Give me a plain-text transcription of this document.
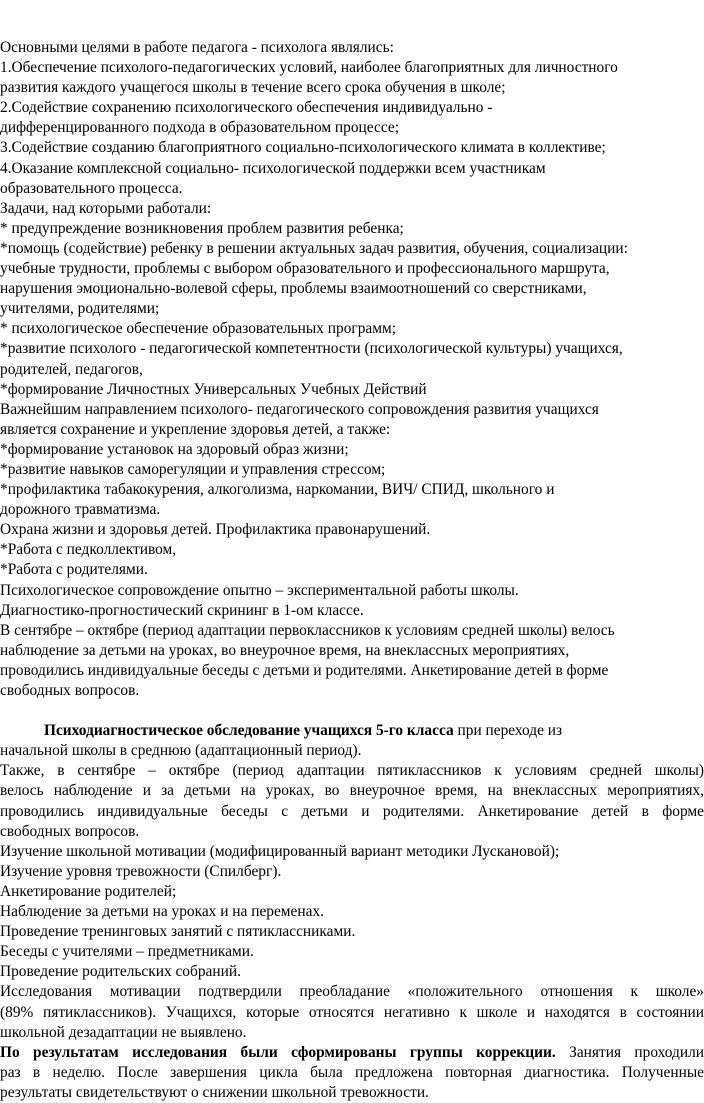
Основными целями в работе педагога - психолога являлись:
1.Обеспечение психолого-педагогических условий, наиболее благоприятных для личностного
развития каждого учащегося школы в течение всего срока обучения в школе;
2.Содействие сохранению психологического обеспечения индивидуально -
дифференцированного подхода в образовательном процессе;
3.Содействие созданию благоприятного социально-психологического климата в коллективе;
4.Оказание комплексной социально- психологической поддержки всем участникам
образовательного процесса.
Задачи, над которыми работали:
* предупреждение возникновения проблем развития ребенка;
*помощь (содействие) ребенку в решении актуальных задач развития, обучения, социализации:
учебные трудности, проблемы с выбором образовательного и профессионального маршрута,
нарушения эмоционально-волевой сферы, проблемы взаимоотношений со сверстниками,
учителями, родителями;
* психологическое обеспечение образовательных программ;
*развитие психолого - педагогической компетентности (психологической культуры) учащихся,
родителей, педагогов,
*формирование Личностных Универсальных Учебных Действий
Важнейшим направлением психолого- педагогического сопровождения развития учащихся
является сохранение и укрепление здоровья детей, а также:
*формирование установок на здоровый образ жизни;
*развитие навыков саморегуляции и управления стрессом;
*профилактика табакокурения, алкоголизма, наркомании, ВИЧ/ СПИД, школьного и
дорожного травматизма.
Охрана жизни и здоровья детей. Профилактика правонарушений.
*Работа с педколлективом,
*Работа с родителями.
Психологическое сопровождение опытно – экспериментальной работы школы.
Диагностико-прогностический скрининг в 1-ом классе.
В сентябре – октябре (период адаптации первоклассников к условиям средней школы) велось
наблюдение за детьми на уроках, во внеурочное время, на внеклассных мероприятиях,
проводились индивидуальные беседы с детьми и родителями. Анкетирование детей в форме
свободных вопросов.
Психодиагностическое обследование учащихся 5-го класса при переходе из
начальной школы в среднюю (адаптационный период).
Также, в сентябре – октябре (период адаптации пятиклассников к условиям средней школы)
велось наблюдение и за детьми на уроках, во внеурочное время, на внеклассных мероприятиях,
проводились индивидуальные беседы с детьми и родителями. Анкетирование детей в форме
свободных вопросов.
Изучение школьной мотивации (модифицированный вариант методики Лускановой);
Изучение уровня тревожности (Спилберг).
Анкетирование родителей;
Наблюдение за детьми на уроках и на переменах.
Проведение тренинговых занятий с пятиклассниками.
Беседы с учителями – предметниками.
Проведение родительских собраний.
Исследования мотивации подтвердили преобладание «положительного отношения к школе»
(89% пятиклассников). Учащихся, которые относятся негативно к школе и находятся в состоянии
школьной дезадаптации не выявлено.
По результатам исследования были сформированы группы коррекции. Занятия проходили
раз в неделю. После завершения цикла была предложена повторная диагностика. Полученные
результаты свидетельствуют о снижении школьной тревожности.
